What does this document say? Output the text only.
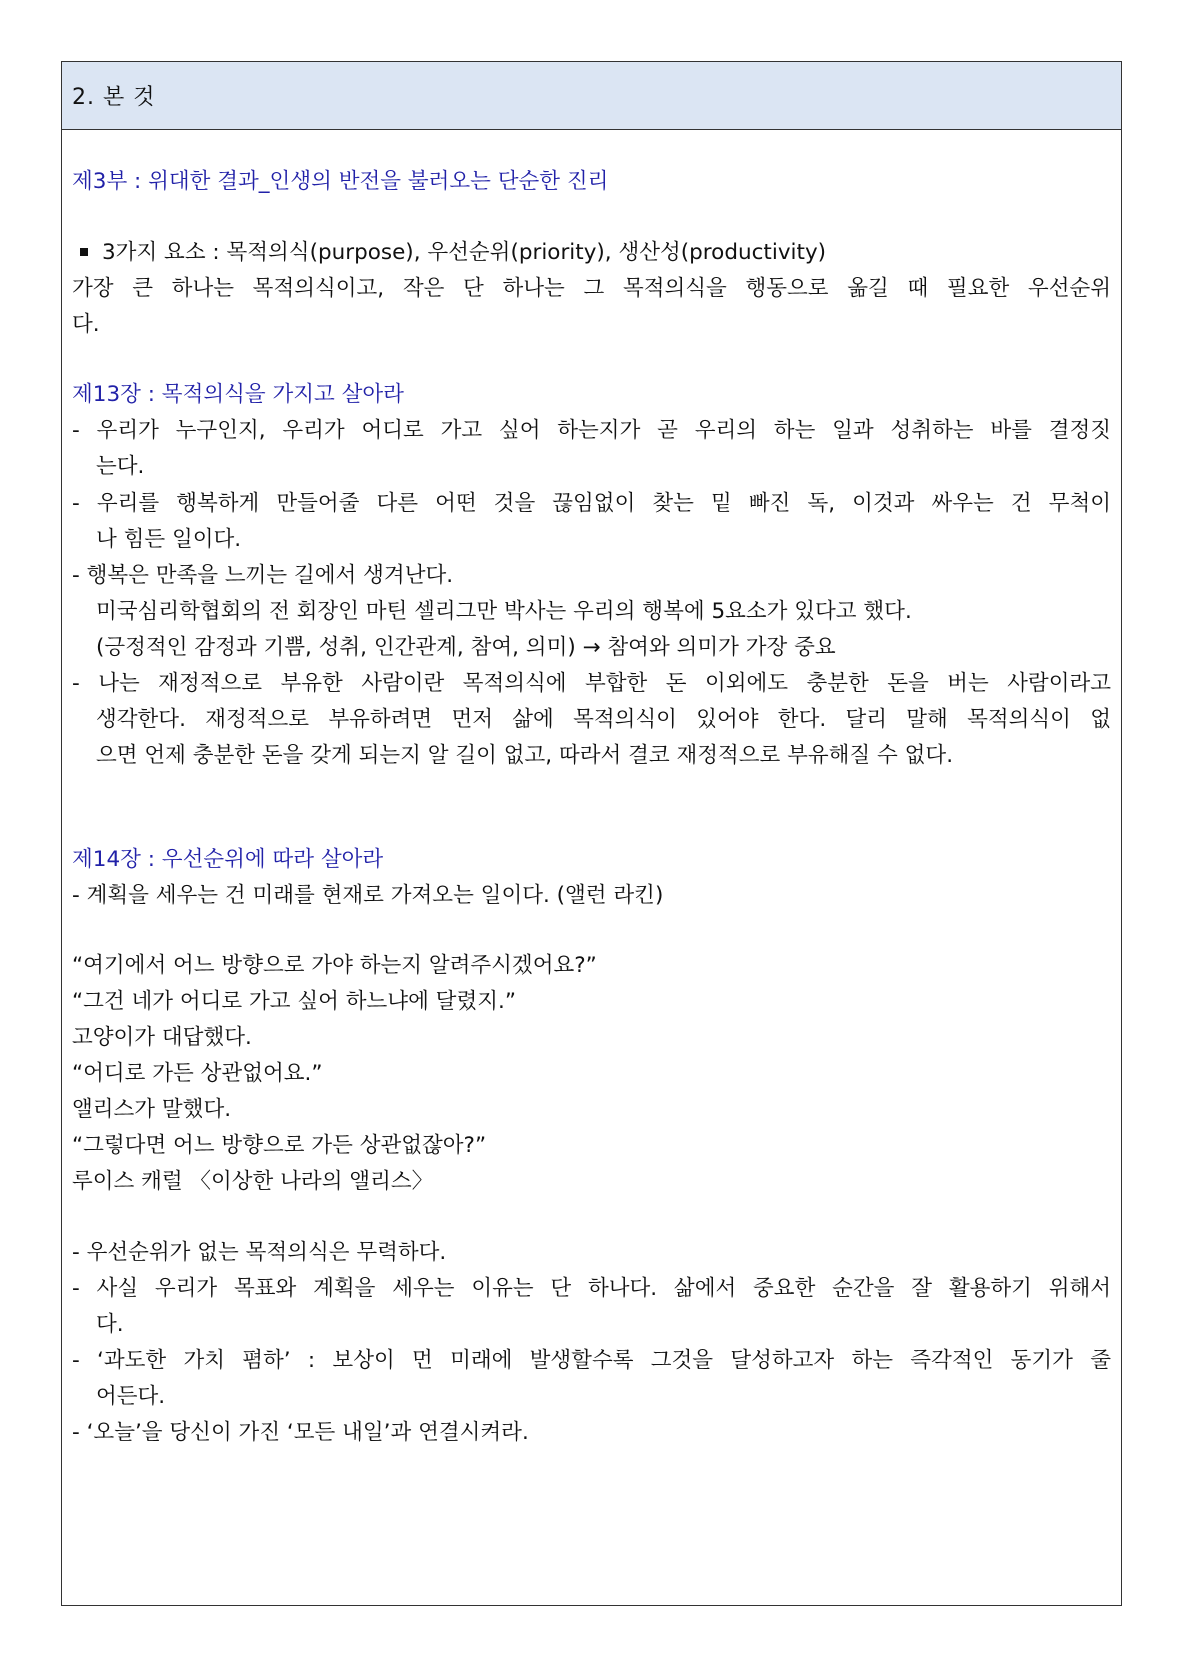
2. 본 것
제3부 : 위대한 결과_인생의 반전을 불러오는 단순한 진리
3가지 요소 : 목적의식(purpose), 우선순위(priority), 생산성(productivity)
가장 큰 하나는 목적의식이고, 작은 단 하나는 그 목적의식을 행동으로 옮길 때 필요한 우선순위
다.
제13장 : 목적의식을 가지고 살아라
- 우리가 누구인지, 우리가 어디로 가고 싶어 하는지가 곧 우리의 하는 일과 성취하는 바를 결정짓
는다.
- 우리를 행복하게 만들어줄 다른 어떤 것을 끊임없이 찾는 밑 빠진 독, 이것과 싸우는 건 무척이
나 힘든 일이다.
- 행복은 만족을 느끼는 길에서 생겨난다.
미국심리학협회의 전 회장인 마틴 셀리그만 박사는 우리의 행복에 5요소가 있다고 했다.
(긍정적인 감정과 기쁨, 성취, 인간관계, 참여, 의미) → 참여와 의미가 가장 중요
- 나는 재정적으로 부유한 사람이란 목적의식에 부합한 돈 이외에도 충분한 돈을 버는 사람이라고
생각한다. 재정적으로 부유하려면 먼저 삶에 목적의식이 있어야 한다. 달리 말해 목적의식이 없
으면 언제 충분한 돈을 갖게 되는지 알 길이 없고, 따라서 결코 재정적으로 부유해질 수 없다.
제14장 : 우선순위에 따라 살아라
- 계획을 세우는 건 미래를 현재로 가져오는 일이다. (앨런 라킨)
“여기에서 어느 방향으로 가야 하는지 알려주시겠어요?”
“그건 네가 어디로 가고 싶어 하느냐에 달렸지.”
고양이가 대답했다.
“어디로 가든 상관없어요.”
앨리스가 말했다.
“그렇다면 어느 방향으로 가든 상관없잖아?”
루이스 캐럴 〈이상한 나라의 앨리스〉
- 우선순위가 없는 목적의식은 무력하다.
- 사실 우리가 목표와 계획을 세우는 이유는 단 하나다. 삶에서 중요한 순간을 잘 활용하기 위해서
다.
- ‘과도한 가치 폄하’ : 보상이 먼 미래에 발생할수록 그것을 달성하고자 하는 즉각적인 동기가 줄
어든다.
- ‘오늘’을 당신이 가진 ‘모든 내일’과 연결시켜라.
